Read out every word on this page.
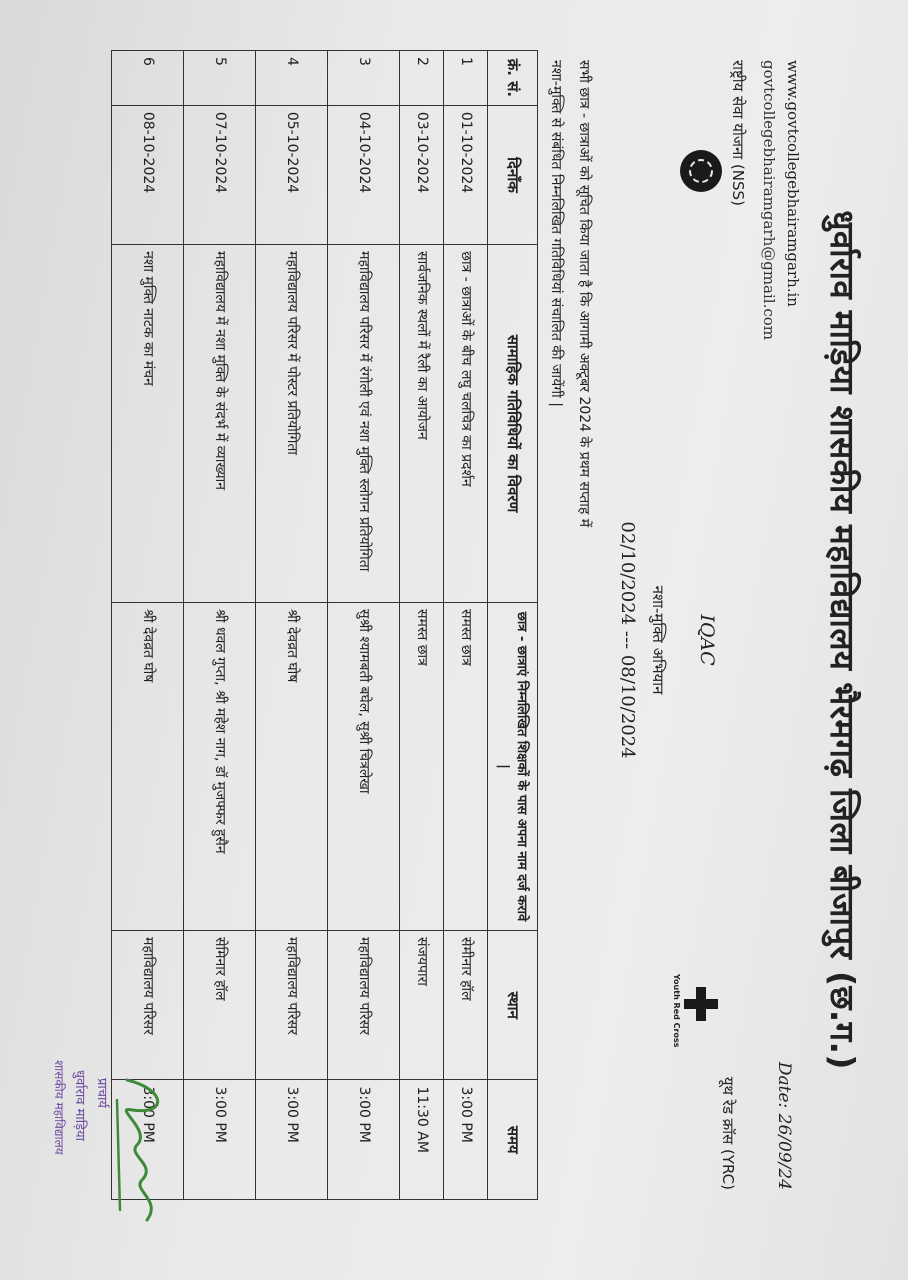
धुर्वाराव माड़िया शासकीय महाविद्यालय भैरमगढ़ जिला बीजापुर (छ.ग.)
www.govtcollegebhairamgarh.in
govtcollegebhairamgarh@gmail.com
Date: 26/09/24
राष्ट्रीय सेवा योजना (NSS)
यूथ रेड क्रॉस (YRC)
Youth Red Cross
IQAC
नशा-मुक्ति अभियान
02/10/2024 --- 08/10/2024
सभी छात्र - छात्राओं को सूचित किया जाता है कि आगामी अक्टूबर 2024 के प्रथम सप्ताह में
नशा-मुक्ति से संबंधित निम्नलिखित गतिविधियां संचालित की जायेंगी |
क्रं. सं.	दिनाँक	सामाहिक गतिविधियों का विवरण	छात्र - छात्राएं निम्नलिखित शिक्षकों के पास अपना नाम दर्ज करावे |	स्थान	समय
1	01-10-2024	छात्र - छात्राओं के बीच लघु चलचित्र का प्रदर्शन	समस्त छात्र	सेमीनार हॉल	3:00 PM
2	03-10-2024	सार्वजनिक स्थलों में रैली का आयोजन	समस्त छात्र	संजयपारा	11:30 AM
3	04-10-2024	महाविद्यालय परिसर में रंगोली एवं नशा मुक्ति स्लोगन प्रतियोगिता	सुश्री श्यामबती बघेल, सुश्री चित्रलेखा	महाविद्यालय परिसर	3:00 PM
4	05-10-2024	महाविद्यालय परिसर में पोस्टर प्रतियोगिता	श्री देवव्रत घोष	महाविद्यालय परिसर	3:00 PM
5	07-10-2024	महाविद्यालय में नशा मुक्ति के संदर्भ में व्याख्यान	श्री धवल गुप्ता, श्री महेश नाग, डॉ मुजफ्फर हुसैन	सेमिनार हॉल	3:00 PM
6	08-10-2024	नशा मुक्ति नाटक का मंचन	श्री देवव्रत घोष	महाविद्यालय परिसर	3:00 PM
प्राचार्य
धुर्वाराव माड़िया
शासकीय महाविद्यालय
